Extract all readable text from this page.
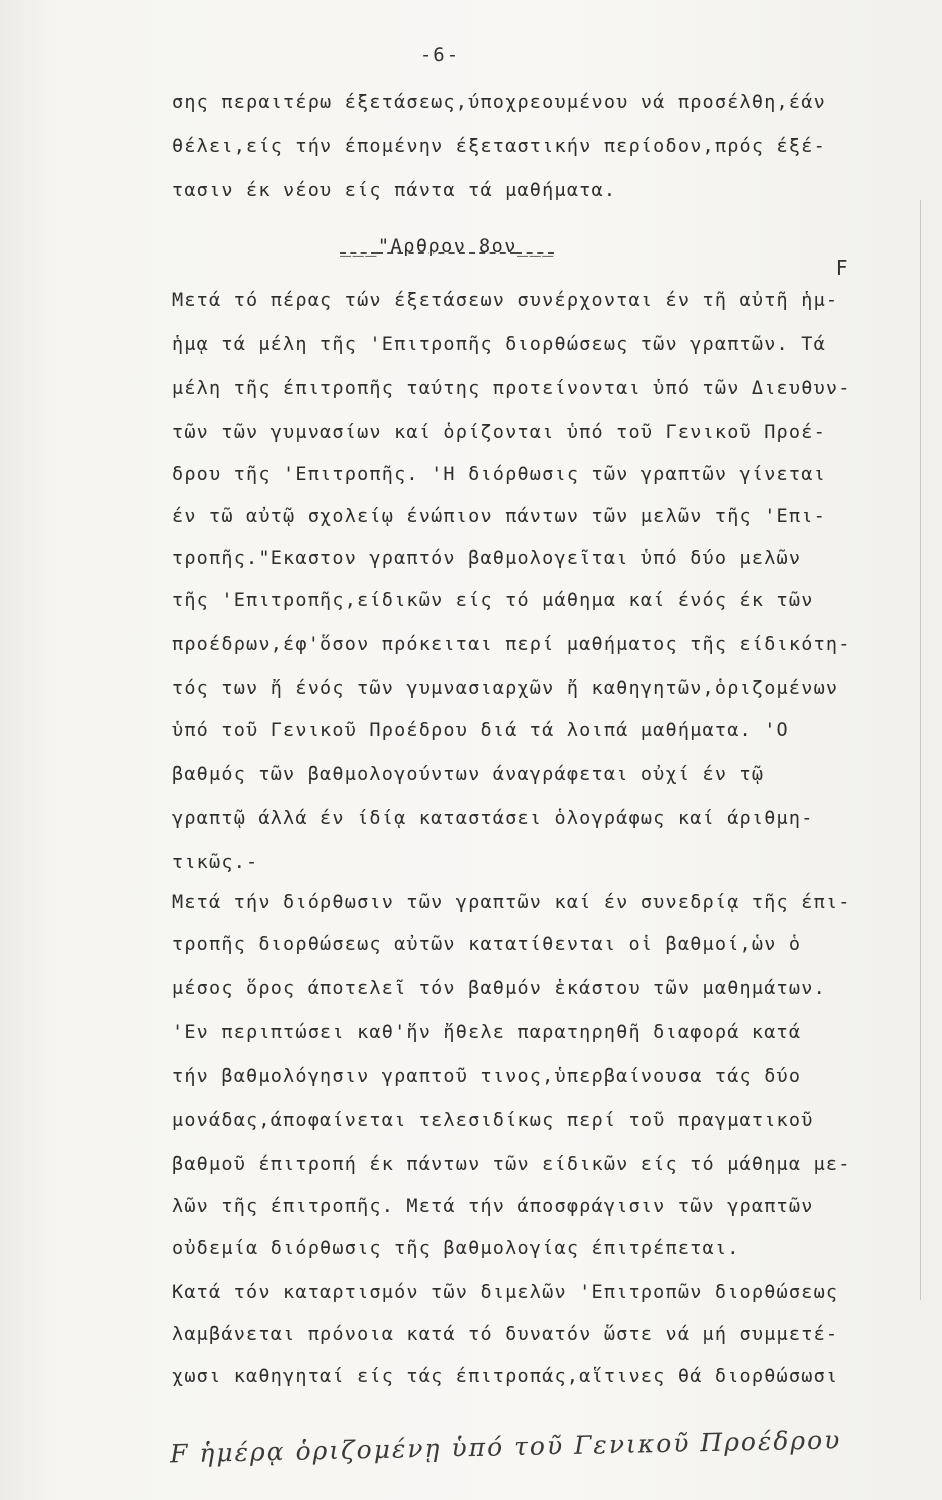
-6-
σης περαιτέρω έξετάσεως,ύποχρεουμένου νά προσέλθη,έάν
θέλει,είς τήν έπομένην έξεταστικήν περίοδον,πρός έξέ-
τασιν έκ νέου είς πάντα τά μαθήματα.
___"Αρθρον 8ον___
F
Μετά τό πέρας τών έξετάσεων συνέρχονται έν τῆ αὐτῆ ἡμ-
ἡμᾳ τά μέλη τῆς 'Επιτροπῆς διορθώσεως τῶν γραπτῶν. Τά
μέλη τῆς έπιτροπῆς ταύτης προτείνονται ὑπό τῶν Διευθυν-
τῶν τῶν γυμνασίων καί ὁρίζονται ὑπό τοῦ Γενικοῦ Προέ-
δρου τῆς 'Επιτροπῆς. 'Η διόρθωσις τῶν γραπτῶν γίνεται
έν τῶ αὐτῷ σχολείῳ ένώπιον πάντων τῶν μελῶν τῆς 'Επι-
τροπῆς."Εκαστον γραπτόν βαθμολογεῖται ὑπό δύο μελῶν
τῆς 'Επιτροπῆς,είδικῶν είς τό μάθημα καί ένός έκ τῶν
προέδρων,έφ'ὅσον πρόκειται περί μαθήματος τῆς είδικότη-
τός των ἤ ένός τῶν γυμνασιαρχῶν ἤ καθηγητῶν,ὁριζομένων
ὑπό τοῦ Γενικοῦ Προέδρου διά τά λοιπά μαθήματα. 'Ο
βαθμός τῶν βαθμολογούντων άναγράφεται οὐχί έν τῷ
γραπτῷ άλλά έν ίδίᾳ καταστάσει ὁλογράφως καί άριθμη-
τικῶς.-
Μετά τήν διόρθωσιν τῶν γραπτῶν καί έν συνεδρίᾳ τῆς έπι-
τροπῆς διορθώσεως αὐτῶν κατατίθενται οἱ βαθμοί,ὧν ὁ
μέσος ὅρος άποτελεῖ τόν βαθμόν ἑκάστου τῶν μαθημάτων.
'Εν περιπτώσει καθ'ἥν ἤθελε παρατηρηθῆ διαφορά κατά
τήν βαθμολόγησιν γραπτοῦ τινος,ὑπερβαίνουσα τάς δύο
μονάδας,άποφαίνεται τελεσιδίκως περί τοῦ πραγματικοῦ
βαθμοῦ έπιτροπή έκ πάντων τῶν είδικῶν είς τό μάθημα με-
λῶν τῆς έπιτροπῆς. Μετά τήν άποσφράγισιν τῶν γραπτῶν
οὐδεμία διόρθωσις τῆς βαθμολογίας έπιτρέπεται.
Κατά τόν καταρτισμόν τῶν διμελῶν 'Επιτροπῶν διορθώσεως
λαμβάνεται πρόνοια κατά τό δυνατόν ὥστε νά μή συμμετέ-
χωσι καθηγηταί είς τάς έπιτροπάς,αἵτινες θά διορθώσωσι
F ἡμέρᾳ ὁριζομένῃ ὑπό τοῦ Γενικοῦ Προέδρου
